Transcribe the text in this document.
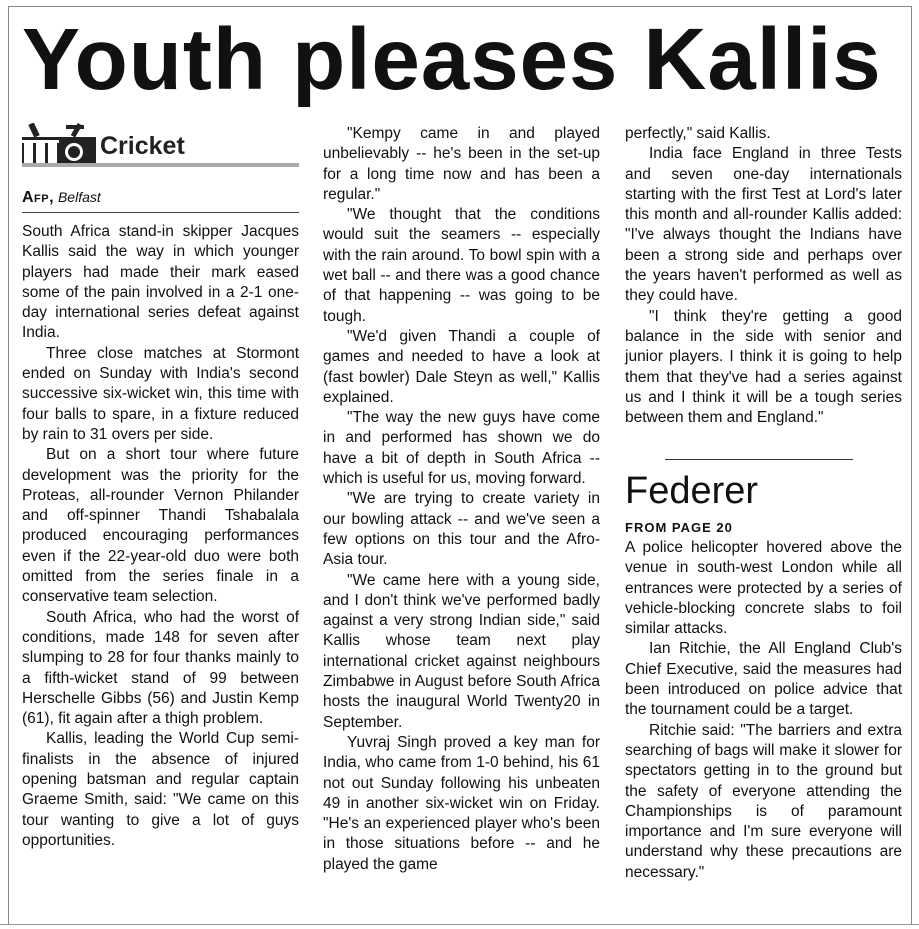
Youth pleases Kallis
Cricket
Afp, Belfast

South Africa stand-in skipper Jacques Kallis said the way in which younger players had made their mark eased some of the pain involved in a 2-1 one-day international series defeat against India.

Three close matches at Stormont ended on Sunday with India's second successive six-wicket win, this time with four balls to spare, in a fixture reduced by rain to 31 overs per side.

But on a short tour where future development was the priority for the Proteas, all-rounder Vernon Philander and off-spinner Thandi Tshabalala produced encouraging performances even if the 22-year-old duo were both omitted from the series finale in a conservative team selection.

South Africa, who had the worst of conditions, made 148 for seven after slumping to 28 for four thanks mainly to a fifth-wicket stand of 99 between Herschelle Gibbs (56) and Justin Kemp (61), fit again after a thigh problem.

Kallis, leading the World Cup semi-finalists in the absence of injured opening batsman and regular captain Graeme Smith, said: "We came on this tour wanting to give a lot of guys opportunities.

"Kempy came in and played unbelievably -- he's been in the set-up for a long time now and has been a regular."

"We thought that the conditions would suit the seamers -- especially with the rain around. To bowl spin with a wet ball -- and there was a good chance of that happening -- was going to be tough.

"We'd given Thandi a couple of games and needed to have a look at (fast bowler) Dale Steyn as well," Kallis explained.

"The way the new guys have come in and performed has shown we do have a bit of depth in South Africa -- which is useful for us, moving forward.

"We are trying to create variety in our bowling attack -- and we've seen a few options on this tour and the Afro-Asia tour.

"We came here with a young side, and I don't think we've performed badly against a very strong Indian side," said Kallis whose team next play international cricket against neighbours Zimbabwe in August before South Africa hosts the inaugural World Twenty20 in September.

Yuvraj Singh proved a key man for India, who came from 1-0 behind, his 61 not out Sunday following his unbeaten 49 in another six-wicket win on Friday. "He's an experienced player who's been in those situations before -- and he played the game

perfectly," said Kallis.

India face England in three Tests and seven one-day internationals starting with the first Test at Lord's later this month and all-rounder Kallis added: "I've always thought the Indians have been a strong side and perhaps over the years haven't performed as well as they could have.

"I think they're getting a good balance in the side with senior and junior players. I think it is going to help them that they've had a series against us and I think it will be a tough series between them and England."

Federer
FROM PAGE 20

A police helicopter hovered above the venue in south-west London while all entrances were protected by a series of vehicle-blocking concrete slabs to foil similar attacks.

Ian Ritchie, the All England Club's Chief Executive, said the measures had been introduced on police advice that the tournament could be a target.

Ritchie said: "The barriers and extra searching of bags will make it slower for spectators getting in to the ground but the safety of everyone attending the Championships is of paramount importance and I'm sure everyone will understand why these precautions are necessary."
